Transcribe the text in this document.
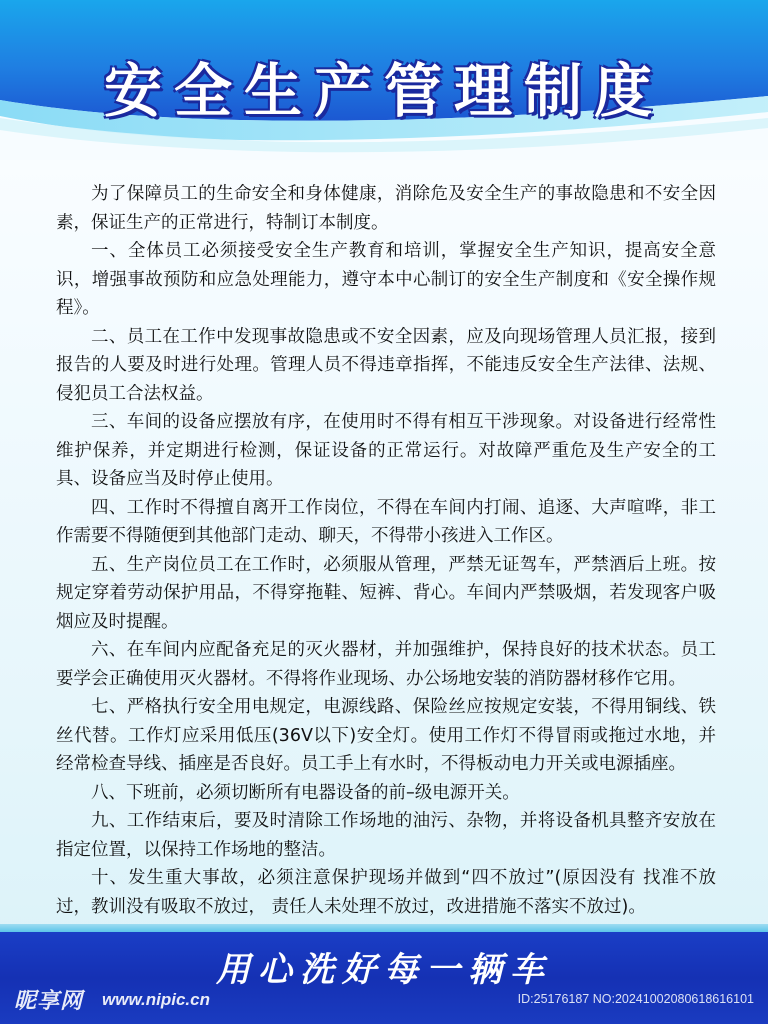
安全生产管理制度

为了保障员工的生命安全和身体健康，消除危及安全生产的事故隐患和不安全因素，保证生产的正常进行，特制订本制度。

一、全体员工必须接受安全生产教育和培训，掌握安全生产知识，提高安全意识，增强事故预防和应急处理能力，遵守本中心制订的安全生产制度和《安全操作规程》。

二、员工在工作中发现事故隐患或不安全因素，应及向现场管理人员汇报，接到报告的人要及时进行处理。管理人员不得违章指挥，不能违反安全生产法律、法规、侵犯员工合法权益。

三、车间的设备应摆放有序，在使用时不得有相互干涉现象。对设备进行经常性维护保养，并定期进行检测，保证设备的正常运行。对故障严重危及生产安全的工具、设备应当及时停止使用。

四、工作时不得擅自离开工作岗位，不得在车间内打闹、追逐、大声喧哗，非工作需要不得随便到其他部门走动、聊天，不得带小孩进入工作区。

五、生产岗位员工在工作时，必须服从管理，严禁无证驾车，严禁酒后上班。按规定穿着劳动保护用品，不得穿拖鞋、短裤、背心。车间内严禁吸烟，若发现客户吸烟应及时提醒。

六、在车间内应配备充足的灭火器材，并加强维护，保持良好的技术状态。员工要学会正确使用灭火器材。不得将作业现场、办公场地安装的消防器材移作它用。

七、严格执行安全用电规定，电源线路、保险丝应按规定安装，不得用铜线、铁丝代替。工作灯应采用低压(36V以下)安全灯。使用工作灯不得冒雨或拖过水地，并经常检查导线、插座是否良好。员工手上有水时，不得板动电力开关或电源插座。

八、下班前，必须切断所有电器设备的前–级电源开关。

九、工作结束后，要及时清除工作场地的油污、杂物，并将设备机具整齐安放在指定位置，以保持工作场地的整洁。

十、发生重大事故，必须注意保护现场并做到“四不放过”(原因没有 找准不放过，教训没有吸取不放过， 责任人未处理不放过，改进措施不落实不放过)。

用心洗好每一辆车
昵享网 www.nipic.cn	ID:25176187 NO:20241002080618616101
